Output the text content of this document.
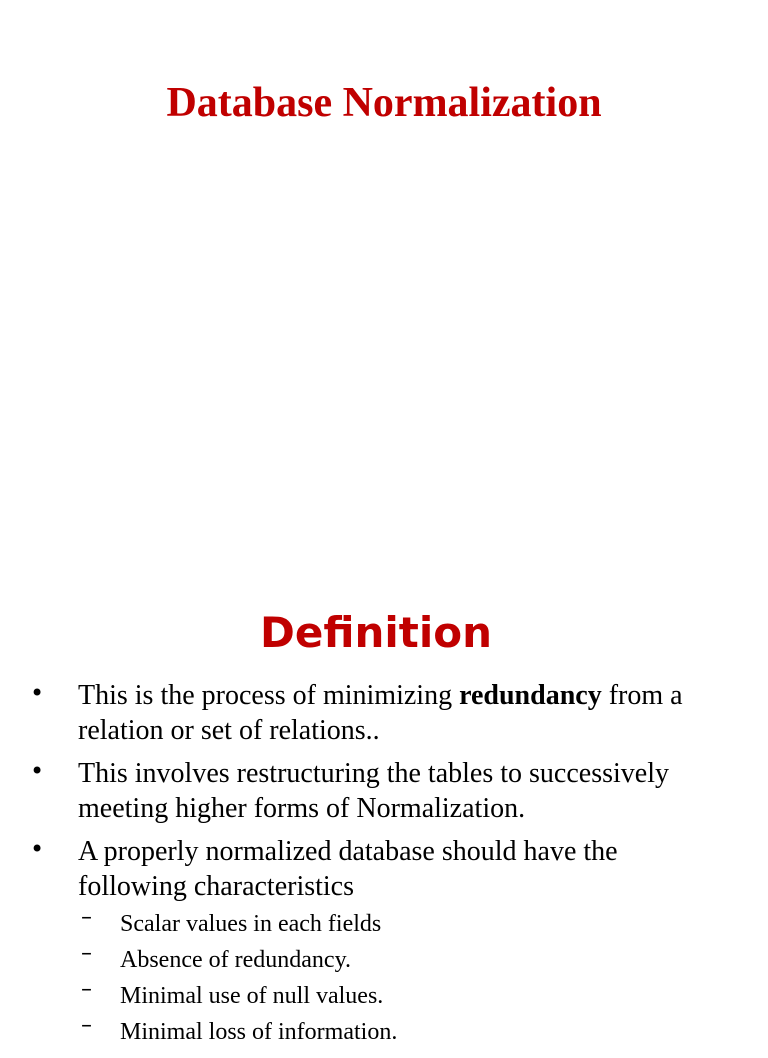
Database Normalization
Definition
• This is the process of minimizing redundancy from a relation or set of relations..
• This involves restructuring the tables to successively meeting higher forms of Normalization.
• A properly normalized database should have the following characteristics
– Scalar values in each fields
– Absence of redundancy.
– Minimal use of null values.
– Minimal loss of information.
